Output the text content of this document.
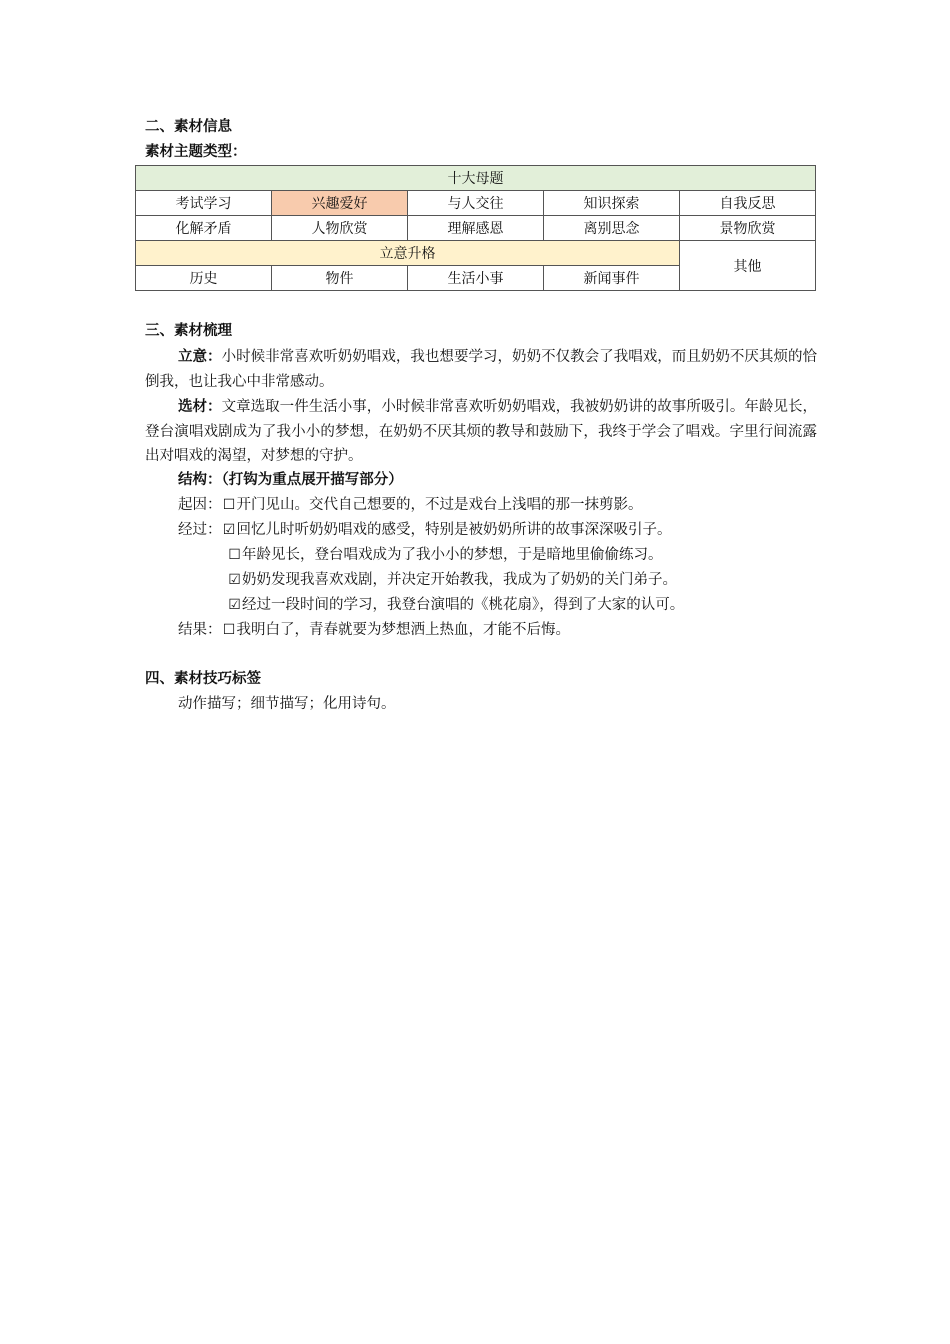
二、素材信息
素材主题类型：
十大母题				
考试学习	兴趣爱好	与人交往	知识探索	自我反思
化解矛盾	人物欣赏	理解感恩	离别思念	景物欣赏
立意升格				其他
历史	物件	生活小事	新闻事件	
三、素材梳理
立意：小时候非常喜欢听奶奶唱戏，我也想要学习，奶奶不仅教会了我唱戏，而且奶奶不厌其烦的恰倒我，也让我心中非常感动。
选材：文章选取一件生活小事，小时候非常喜欢听奶奶唱戏，我被奶奶讲的故事所吸引。年龄见长，登台演唱戏剧成为了我小小的梦想，在奶奶不厌其烦的教导和鼓励下，我终于学会了唱戏。字里行间流露出对唱戏的渴望，对梦想的守护。
结构：（打钩为重点展开描写部分）
起因：☐开门见山。交代自己想要的，不过是戏台上浅唱的那一抹剪影。
经过：☑回忆儿时听奶奶唱戏的感受，特别是被奶奶所讲的故事深深吸引子。
☐年龄见长，登台唱戏成为了我小小的梦想，于是暗地里偷偷练习。
☑奶奶发现我喜欢戏剧，并决定开始教我，我成为了奶奶的关门弟子。
☑经过一段时间的学习，我登台演唱的《桃花扇》，得到了大家的认可。
结果：☐我明白了，青春就要为梦想洒上热血，才能不后悔。
四、素材技巧标签
动作描写；细节描写；化用诗句。
